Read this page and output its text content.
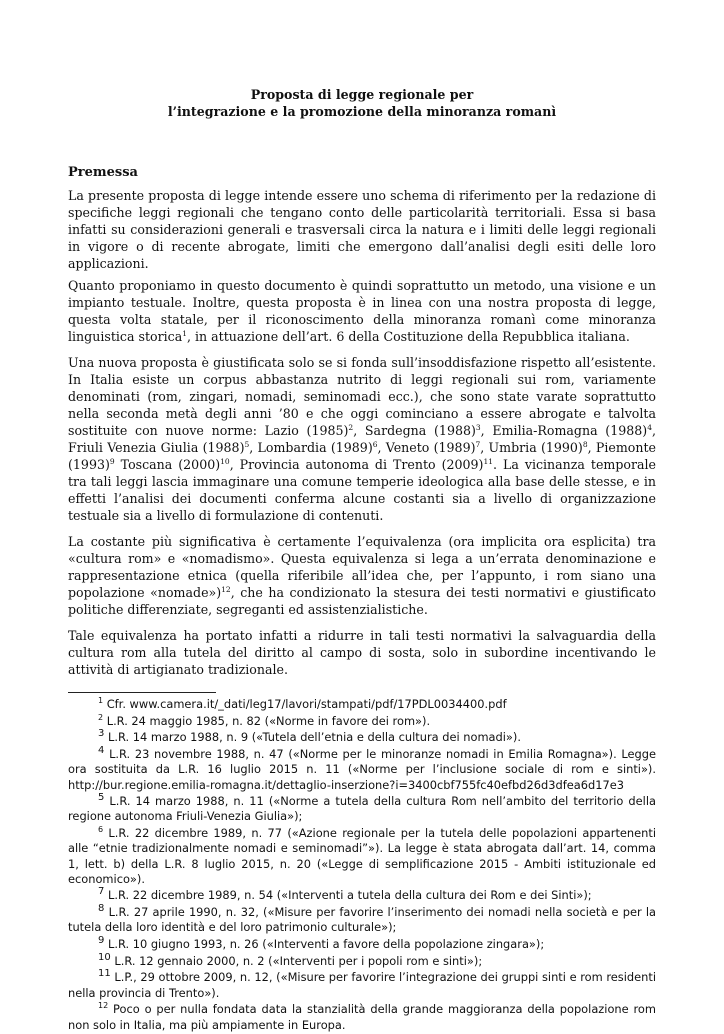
Proposta di legge regionale per

l’integrazione e la promozione della minoranza romanì

Premessa

La presente proposta di legge intende essere uno schema di riferimento per la redazione di specifiche leggi regionali che tengano conto delle particolarità territoriali. Essa si basa infatti su considerazioni generali e trasversali circa la natura e i limiti delle leggi regionali in vigore o di recente abrogate, limiti che emergono dall’analisi degli esiti delle loro applicazioni.

Quanto proponiamo in questo documento è quindi soprattutto un metodo, una visione e un impianto testuale. Inoltre, questa proposta è in linea con una nostra proposta di legge, questa volta statale, per il riconoscimento della minoranza romanì come minoranza linguistica storica$^1$, in attuazione dell’art. 6 della Costituzione della Repubblica italiana.

Una nuova proposta è giustificata solo se si fonda sull’insoddisfazione rispetto all’esistente. In Italia esiste un corpus abbastanza nutrito di leggi regionali sui rom, variamente denominati (rom, zingari, nomadi, seminomadi ecc.), che sono state varate soprattutto nella seconda metà degli anni ’80 e che oggi cominciano a essere abrogate e talvolta sostituite con nuove norme: Lazio $(1985)^2$, Sardegna $(1988)^3$, Emilia-Romagna $(1988)^4$, Friuli Venezia Giulia $(1988)^5$, Lombardia $(1989)^6$, Veneto $(1989)^7$, Umbria $(1990)^8$, Piemonte $(1993)^9$ Toscana $(2000)^{10}$, Provincia autonoma di Trento $(2009)^{11}$. La vicinanza temporale tra tali leggi lascia immaginare una comune temperie ideologica alla base delle stesse, e in effetti l’analisi dei documenti conferma alcune costanti sia a livello di organizzazione testuale sia a livello di formulazione di contenuti.

La costante più significativa è certamente l’equivalenza (ora implicita ora esplicita) tra «cultura rom» e «nomadismo». Questa equivalenza si lega a un’errata denominazione e rappresentazione etnica (quella riferibile all’idea che, per l’appunto, i rom siano una popolazione «nomade»)$^{12}$, che ha condizionato la stesura dei testi normativi e giustificato politiche differenziate, segreganti ed assistenzialistiche.

Tale equivalenza ha portato infatti a ridurre in tali testi normativi la salvaguardia della cultura rom alla tutela del diritto al campo di sosta, solo in subordine incentivando le attività di artigianato tradizionale.

$^1$ Cfr. www.camera.it/_dati/leg17/lavori/stampati/pdf/17PDL0034400.pdf

$^2$ L.R. 24 maggio 1985, n. 82 («Norme in favore dei rom»).

3 L.R. 14 marzo 1988, n. 9 («Tutela dell’etnia e della cultura dei nomadi»).

4 L.R. 23 novembre 1988, n. 47 («Norme per le minoranze nomadi in Emilia Romagna»). Legge ora sostituita da L.R. 16 luglio 2015 n. 11 («Norme per l’inclusione sociale di rom e sinti»). http://bur.regione.emilia-romagna.it/dettaglio-inserzione?i=3400cbf755fc40efbd26d3dfea6d17e3

5 L.R. 14 marzo 1988, n. 11 («Norme a tutela della cultura Rom nell’ambito del territorio della regione autonoma Friuli-Venezia Giulia»);

$^6$ L.R. 22 dicembre 1989, n. 77 («Azione regionale per la tutela delle popolazioni appartenenti alle “etnie tradizionalmente nomadi e seminomadi”»). La legge è stata abrogata dall’art. 14, comma 1, lett. b) della L.R. 8 luglio 2015, n. 20 («Legge di semplificazione 2015 - Ambiti istituzionale ed economico»).

7 L.R. 22 dicembre 1989, n. 54 («Interventi a tutela della cultura dei Rom e dei Sinti»);

8 L.R. 27 aprile 1990, n. 32, («Misure per favorire l’inserimento dei nomadi nella società e per la tutela della loro identità e del loro patrimonio culturale»);

9 L.R. 10 giugno 1993, n. 26 («Interventi a favore della popolazione zingara»);

10 L.R. 12 gennaio 2000, n. 2 («Interventi per i popoli rom e sinti»);

11 L.P., 29 ottobre 2009, n. 12, («Misure per favorire l’integrazione dei gruppi sinti e rom residenti nella provincia di Trento»).

$^{12}$ Poco o per nulla fondata data la stanzialità della grande maggioranza della popolazione rom non solo in Italia, ma più ampiamente in Europa.
